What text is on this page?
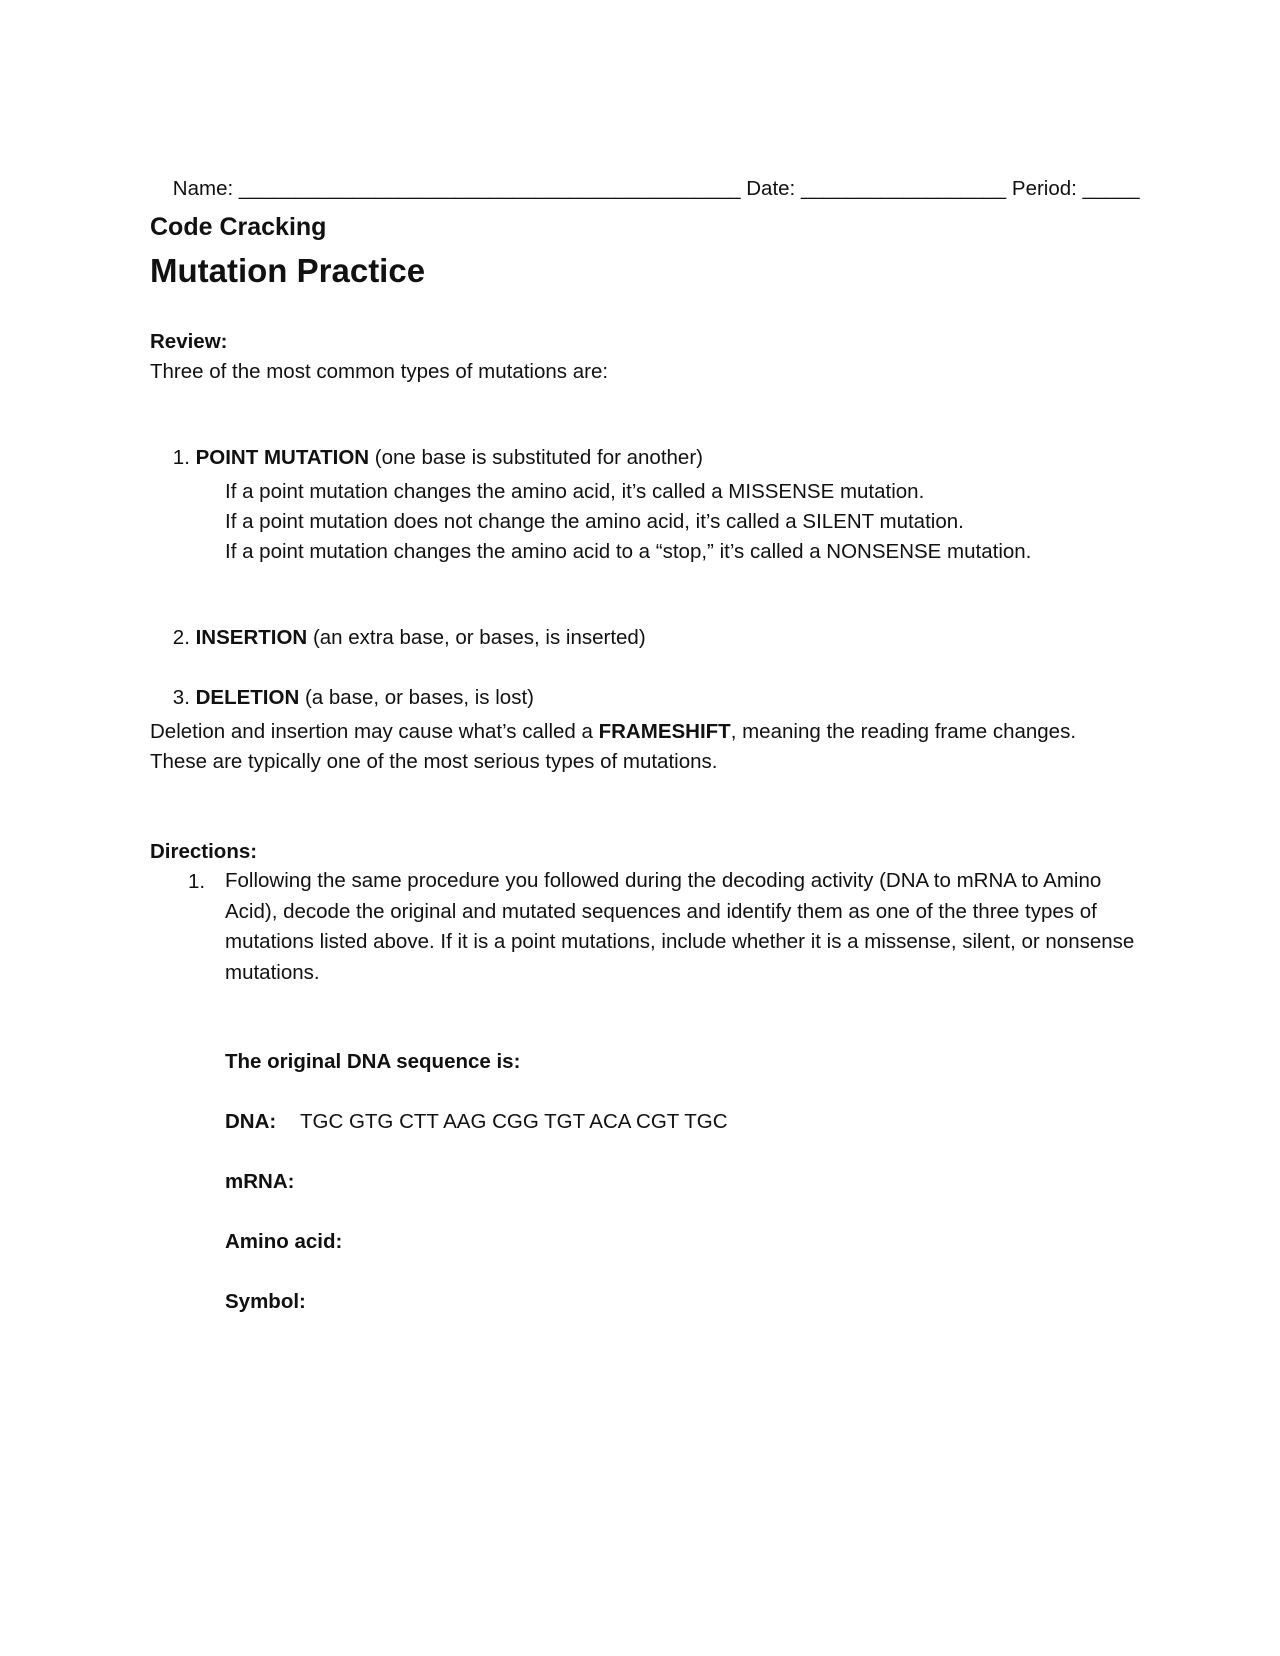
Name: ____________________________________________ Date: __________________ Period: _____

Code Cracking
Mutation Practice
Review:
Three of the most common types of mutations are:

1. POINT MUTATION (one base is substituted for another)

If a point mutation changes the amino acid, it’s called a MISSENSE mutation.
If a point mutation does not change the amino acid, it’s called a SILENT mutation.
If a point mutation changes the amino acid to a “stop,” it’s called a NONSENSE mutation.

2. INSERTION (an extra base, or bases, is inserted)

3. DELETION (a base, or bases, is lost)

Deletion and insertion may cause what’s called a FRAMESHIFT, meaning the reading frame changes.
These are typically one of the most serious types of mutations.
Directions:
1. Following the same procedure you followed during the decoding activity (DNA to mRNA to Amino Acid), decode the original and mutated sequences and identify them as one of the three types of mutations listed above. If it is a point mutations, include whether it is a missense, silent, or nonsense mutations.
The original DNA sequence is:
DNA: TGC GTG CTT AAG CGG TGT ACA CGT TGC
mRNA:
Amino acid:
Symbol:
